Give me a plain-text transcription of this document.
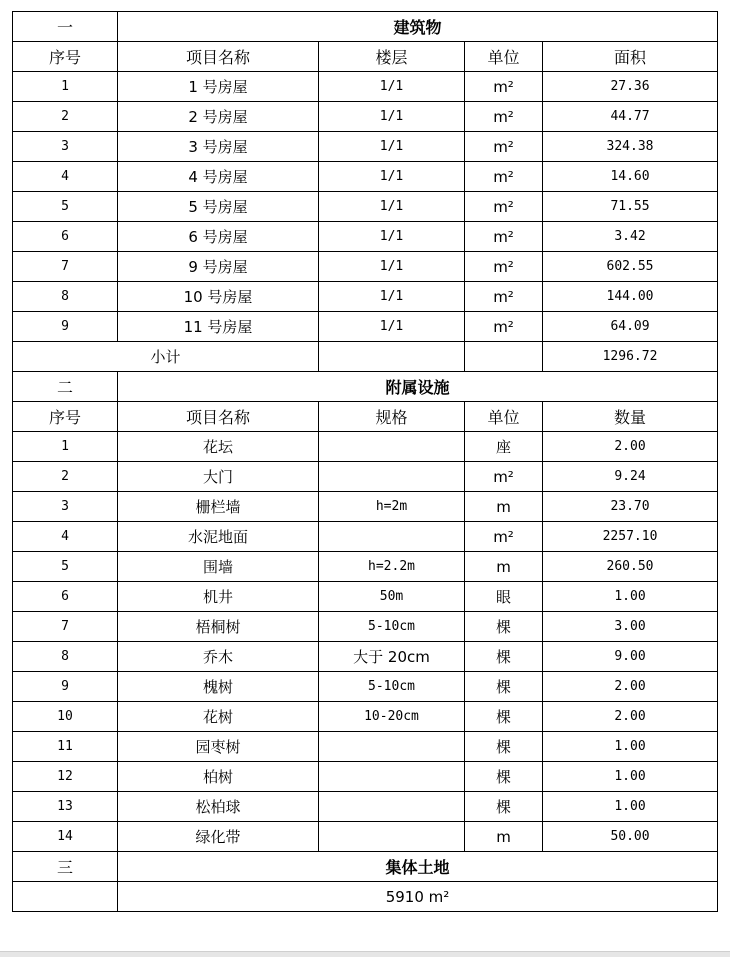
一	建筑物			
序号	项目名称	楼层	单位	面积
1	1 号房屋	1/1	m²	27.36
2	2 号房屋	1/1	m²	44.77
3	3 号房屋	1/1	m²	324.38
4	4 号房屋	1/1	m²	14.60
5	5 号房屋	1/1	m²	71.55
6	6 号房屋	1/1	m²	3.42
7	9 号房屋	1/1	m²	602.55
8	10 号房屋	1/1	m²	144.00
9	11 号房屋	1/1	m²	64.09
小计				1296.72
二	附属设施			
序号	项目名称	规格	单位	数量
1	花坛		座	2.00
2	大门		m²	9.24
3	栅栏墙	h=2m	m	23.70
4	水泥地面		m²	2257.10
5	围墙	h=2.2m	m	260.50
6	机井	50m	眼	1.00
7	梧桐树	5-10cm	棵	3.00
8	乔木	大于 20cm	棵	9.00
9	槐树	5-10cm	棵	2.00
10	花树	10-20cm	棵	2.00
11	园枣树		棵	1.00
12	柏树		棵	1.00
13	松柏球		棵	1.00
14	绿化带		m	50.00
三	集体土地			
	5910 m²			
